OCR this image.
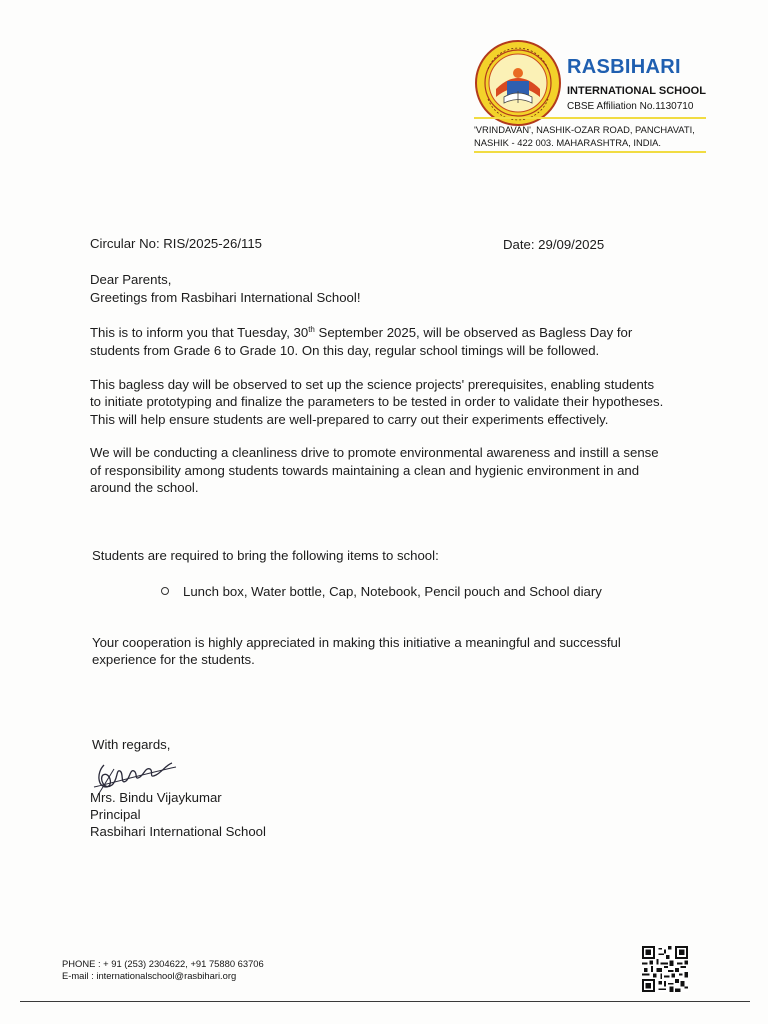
RASBIHARI
INTERNATIONAL SCHOOL
CBSE Affiliation No.1130710
'VRINDAVAN', NASHIK-OZAR ROAD, PANCHAVATI,
NASHIK - 422 003. MAHARASHTRA, INDIA.
Circular No: RIS/2025-26/115	Date: 29/09/2025
Dear Parents,
Greetings from Rasbihari International School!
This is to inform you that Tuesday, 30th September 2025, will be observed as Bagless Day for
students from Grade 6 to Grade 10. On this day, regular school timings will be followed.
This bagless day will be observed to set up the science projects' prerequisites, enabling students
to initiate prototyping and finalize the parameters to be tested in order to validate their hypotheses.
This will help ensure students are well-prepared to carry out their experiments effectively.
We will be conducting a cleanliness drive to promote environmental awareness and instill a sense
of responsibility among students towards maintaining a clean and hygienic environment in and
around the school.
Students are required to bring the following items to school:
Lunch box, Water bottle, Cap, Notebook, Pencil pouch and School diary
Your cooperation is highly appreciated in making this initiative a meaningful and successful
experience for the students.
With regards,
Mrs. Bindu Vijaykumar
Principal
Rasbihari International School
PHONE : + 91 (253) 2304622, +91 75880 63706
E-mail : internationalschool@rasbihari.org
